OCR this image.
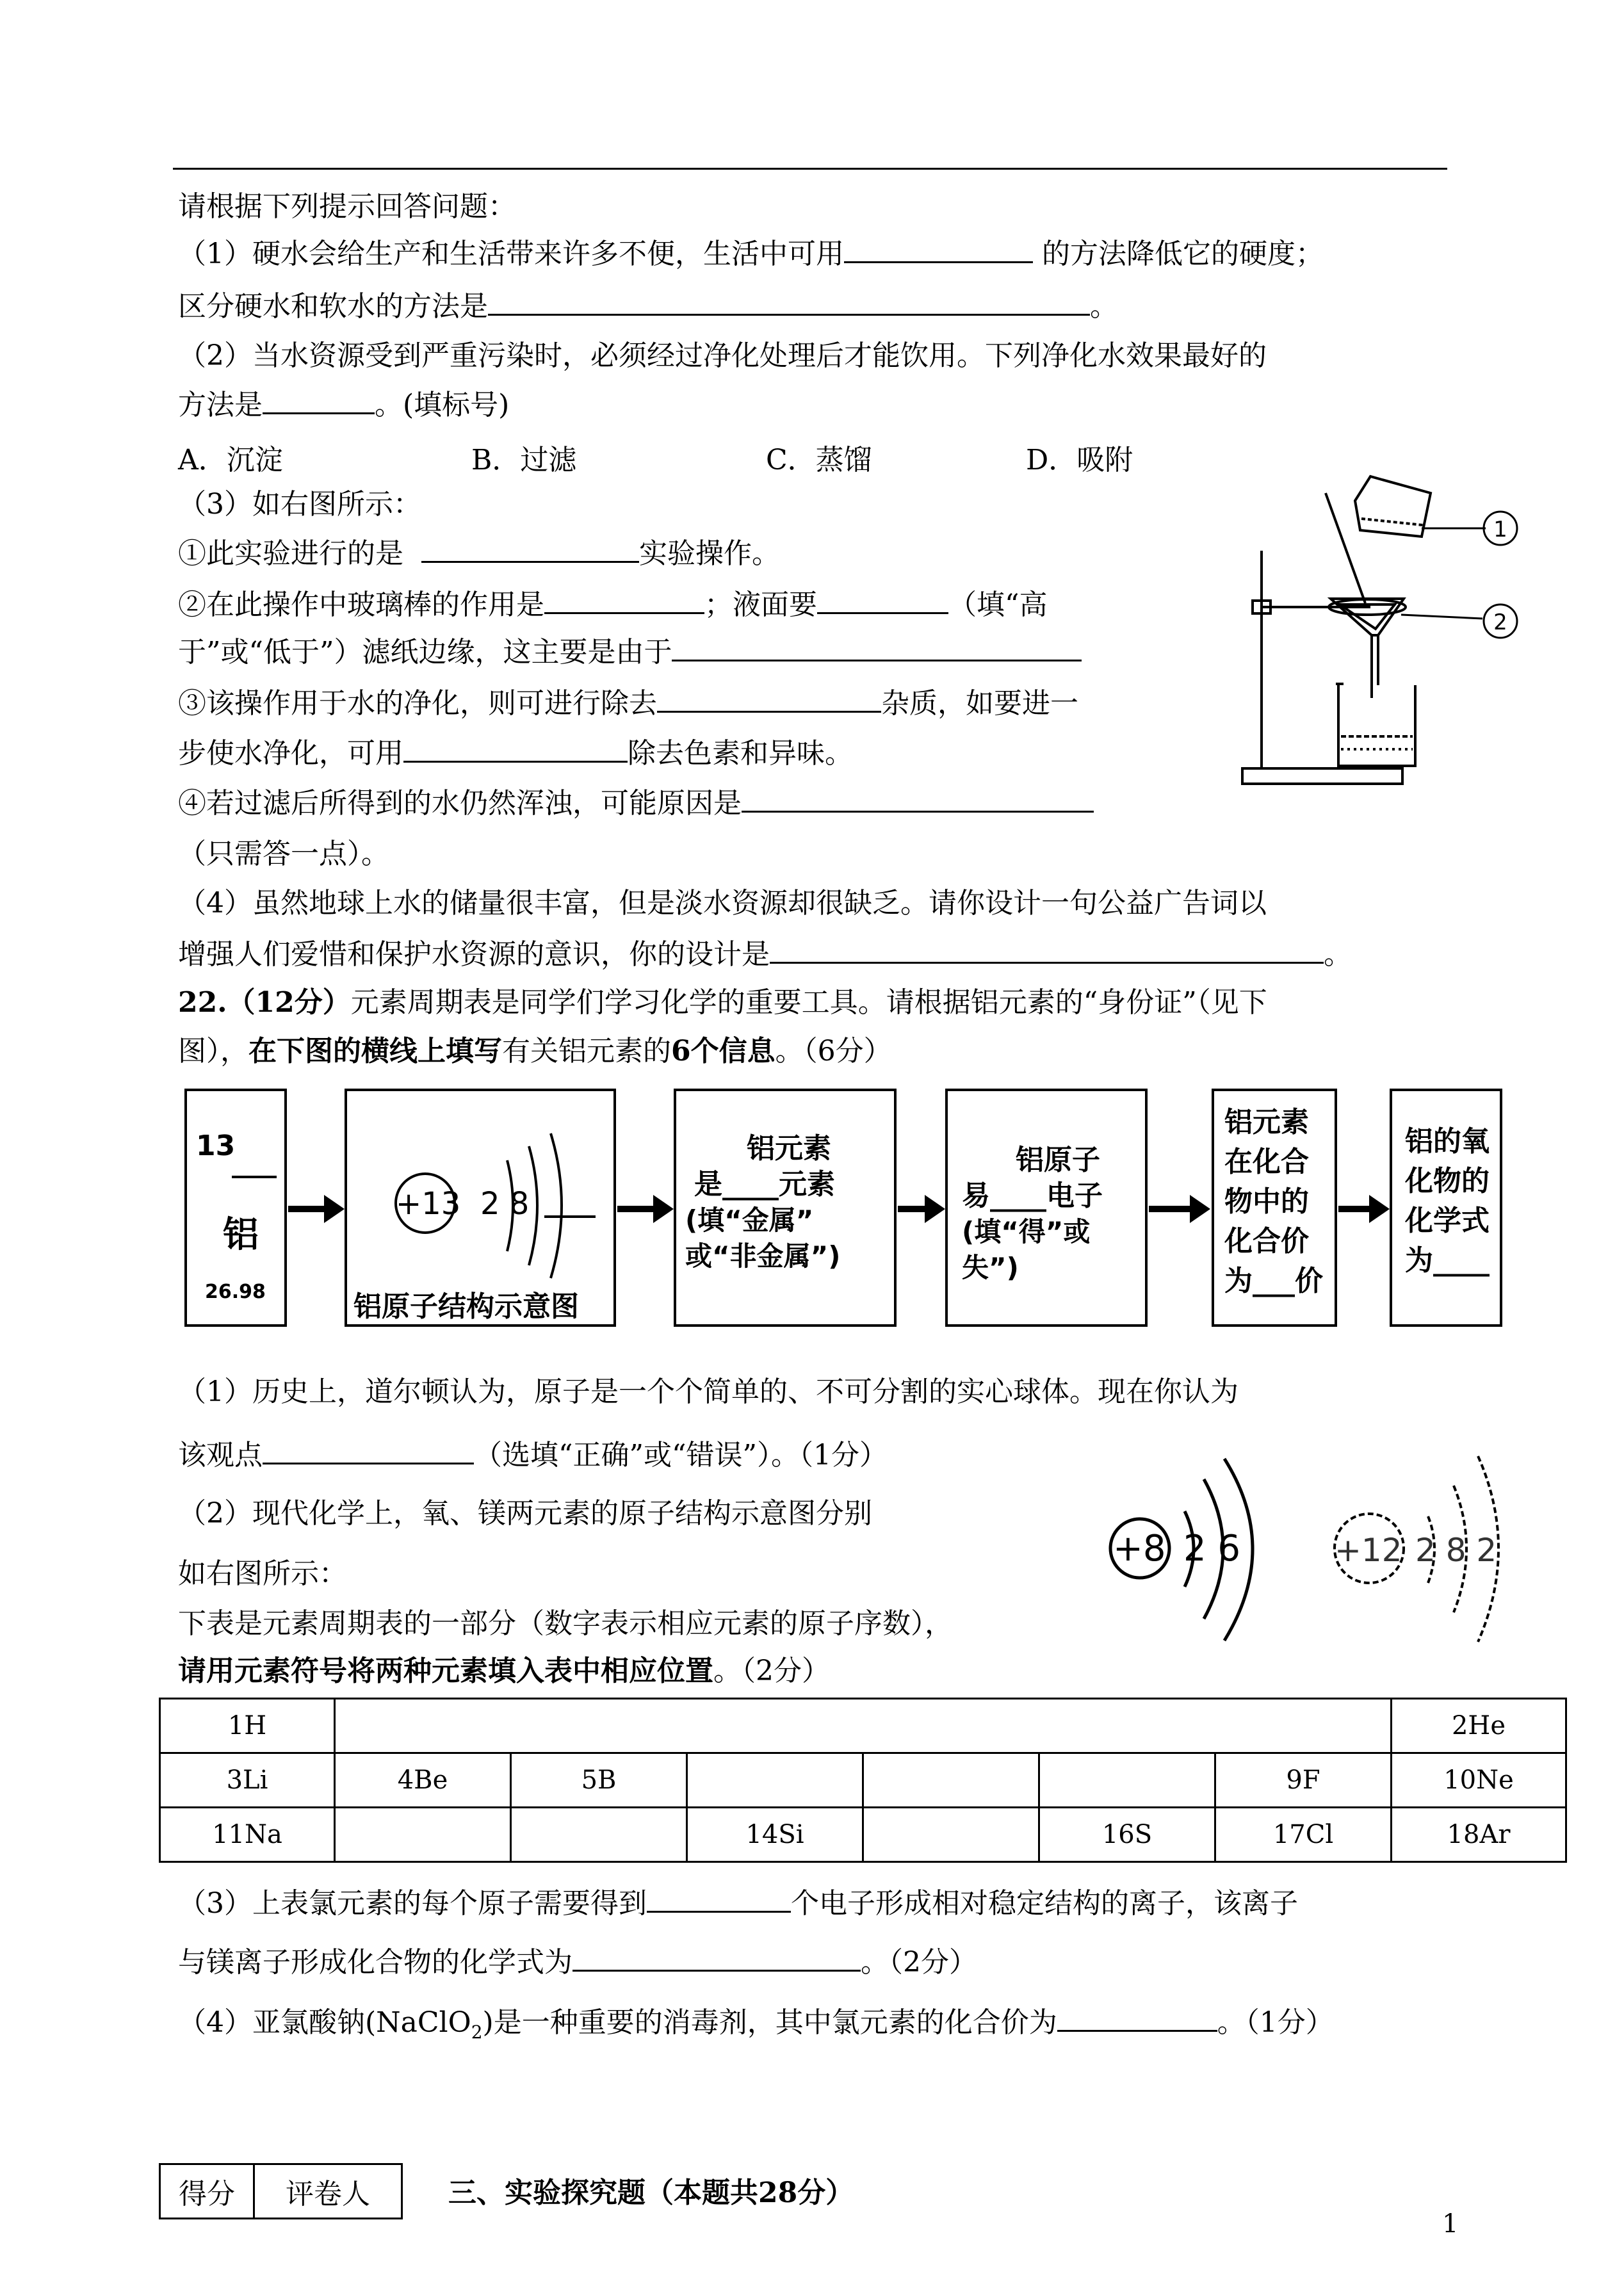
请根据下列提示回答问题：
（1）硬水会给生产和生活带来许多不便，生活中可用	的方法降低它的硬度；
区分硬水和软水的方法是	。
（2）当水资源受到严重污染时，必须经过净化处理后才能饮用。下列净化水效果最好的
方法是	。(填标号)
A．沉淀	B．过滤	C．蒸馏	D．吸附
（3）如右图所示：
①此实验进行的是	实验操作。
②在此操作中玻璃棒的作用是	；液面要	（填“高
于”或“低于”）滤纸边缘，这主要是由于
③该操作用于水的净化，则可进行除去	杂质，如要进一
步使水净化，可用	除去色素和异味。
④若过滤后所得到的水仍然浑浊，可能原因是
（只需答一点）。
1
2
（4）虽然地球上水的储量很丰富，但是淡水资源却很缺乏。请你设计一句公益广告词以
增强人们爱惜和保护水资源的意识，你的设计是	。
22.（12分）元素周期表是同学们学习化学的重要工具。请根据铝元素的“身份证”（见下
图），在下图的横线上填写有关铝元素的6个信息。（6分）
13
铝
26.98
+13 2 8
铝原子结构示意图
铝元素
是____元素
(填“金属”
或“非金属”)
铝原子
易____电子
(填“得”或
失”)
铝元素
在化合
物中的
化合价
为___价
铝的氧
化物的
化学式
为____
（1）历史上，道尔顿认为，原子是一个个简单的、不可分割的实心球体。现在你认为
该观点	（选填“正确”或“错误”）。（1分）
（2）现代化学上，氧、镁两元素的原子结构示意图分别
如右图所示：
下表是元素周期表的一部分（数字表示相应元素的原子序数），
请用元素符号将两种元素填入表中相应位置。（2分）
+8 2 6	+12 2 8 2
1H							2He
3Li	4Be	5B				9F	10Ne
11Na			14Si		16S	17Cl	18Ar
（3）上表氯元素的每个原子需要得到	个电子形成相对稳定结构的离子，该离子
与镁离子形成化合物的化学式为	。（2分）
（4）亚氯酸钠(NaClO$_2$)是一种重要的消毒剂，其中氯元素的化合价为	。（1分）
得分	评卷人	三、实验探究题（本题共28分）
1
